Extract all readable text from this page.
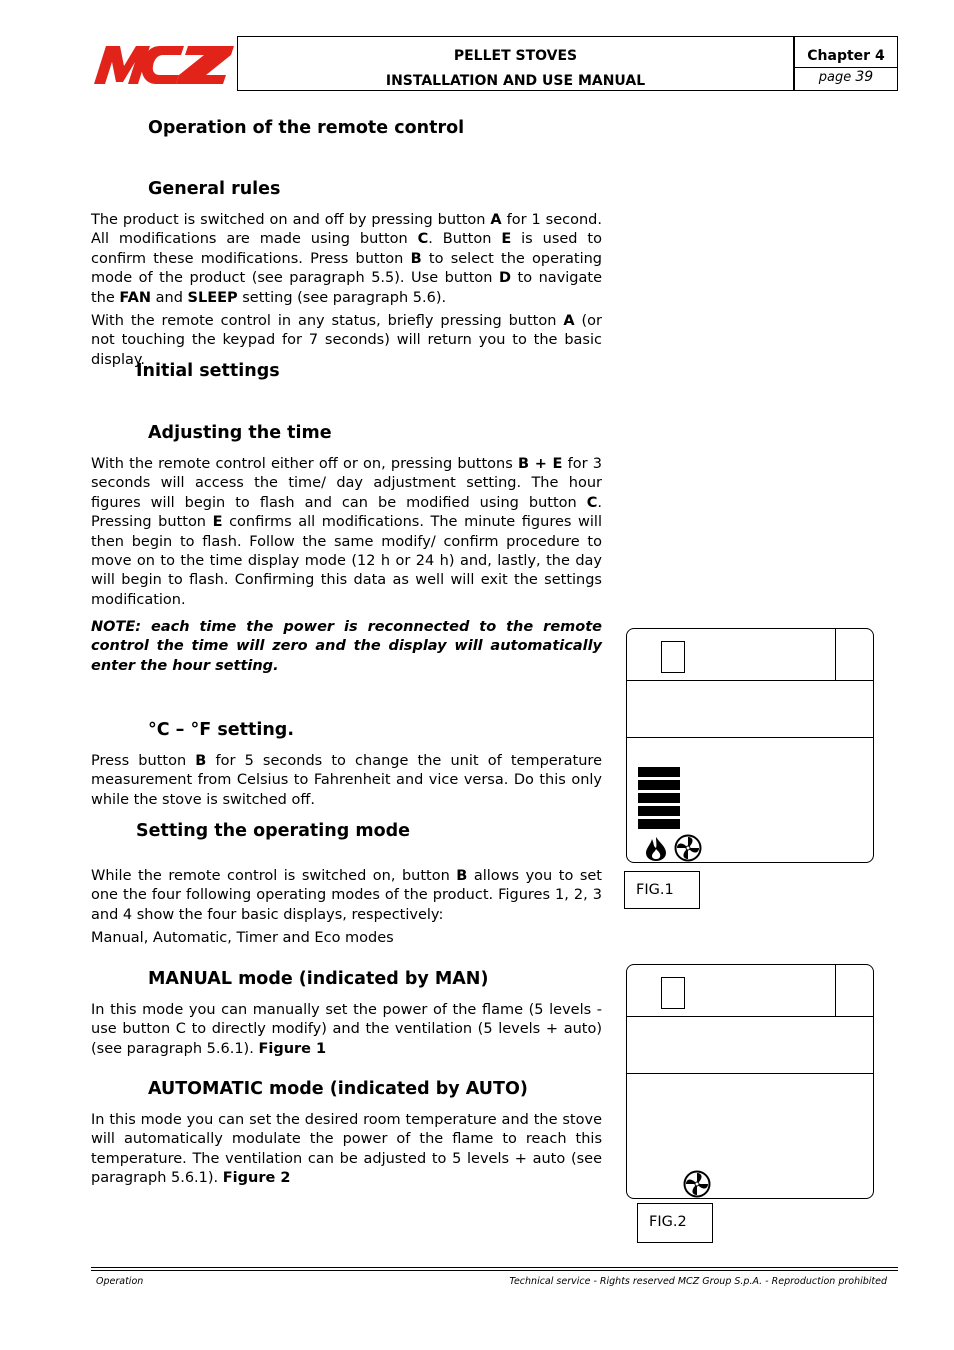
PELLET STOVES
INSTALLATION AND USE MANUAL
Chapter 4
page 39
Operation of the remote control
General rules
The product is switched on and off by pressing button A for 1 second. All modifications are made using button C. Button E is used to confirm these modifications. Press button B to select the operating mode of the product (see paragraph 5.5). Use button D to navigate the FAN and SLEEP setting (see paragraph 5.6).
With the remote control in any status, briefly pressing button A (or not touching the keypad for 7 seconds) will return you to the basic display.
Initial settings
Adjusting the time
With the remote control either off or on, pressing buttons B + E for 3 seconds will access the time/ day adjustment setting. The hour figures will begin to flash and can be modified using button C. Pressing button E confirms all modifications. The minute figures will then begin to flash. Follow the same modify/ confirm procedure to move on to the time display mode (12 h or 24 h) and, lastly, the day will begin to flash. Confirming this data as well will exit the settings modification.
NOTE: each time the power is reconnected to the remote control the time will zero and the display will automatically enter the hour setting.
°C – °F setting.
Press button B for 5 seconds to change the unit of temperature measurement from Celsius to Fahrenheit and vice versa. Do this only while the stove is switched off.
Setting the operating mode
While the remote control is switched on, button B allows you to set one the four following operating modes of the product. Figures 1, 2, 3 and 4 show the four basic displays, respectively:
Manual, Automatic, Timer and Eco modes
MANUAL mode (indicated by MAN)
In this mode you can manually set the power of the flame (5 levels - use button C to directly modify) and the ventilation (5 levels + auto) (see paragraph 5.6.1). Figure 1
AUTOMATIC mode (indicated by AUTO)
In this mode you can set the desired room temperature and the stove will automatically modulate the power of the flame to reach this temperature. The ventilation can be adjusted to 5 levels + auto (see paragraph 5.6.1). Figure 2
FIG.1
FIG.2
Operation	Technical service - Rights reserved MCZ Group S.p.A. - Reproduction prohibited
